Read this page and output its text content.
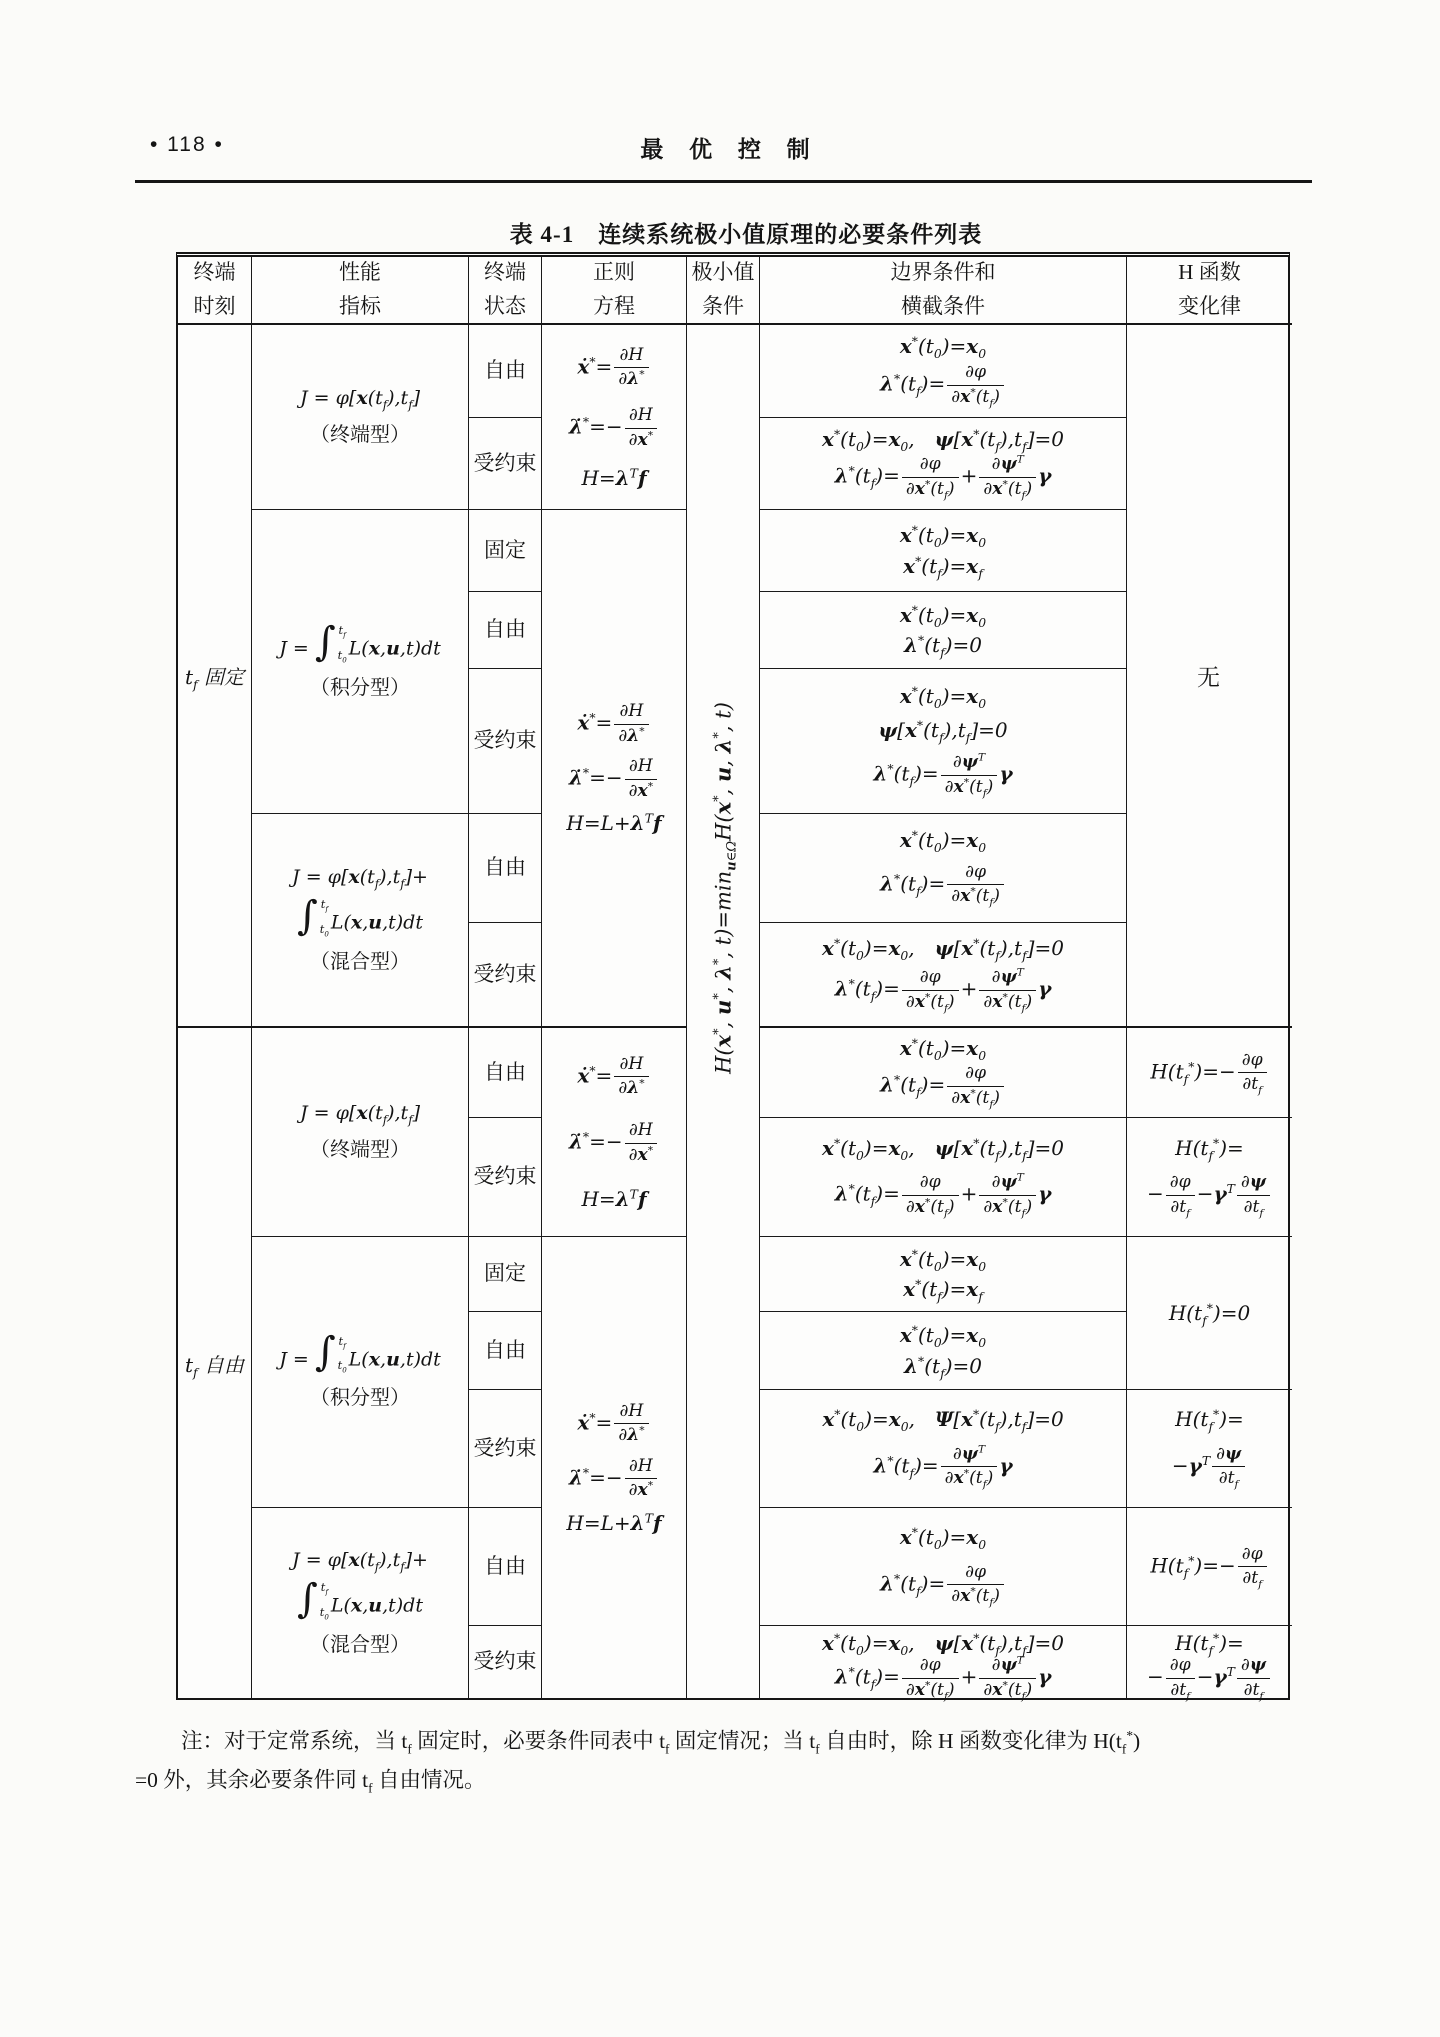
• 118 •	最 优 控 制
表 4-1　连续系统极小值原理的必要条件列表
终端
时刻
性能
指标
终端
状态
正则
方程
极小值
条件
边界条件和
横截条件
H 函数
变化律
$t_f$ 固定
$t_f$ 自由
$J = \varphi[x(t_f),t_f]$
（终端型）
J = ∫ $t_f$
$t_0$
L(x,u,t)dt
（积分型）
$J = \varphi[x(t_f),t_f]+$
∫ $t_f$
$t_0$
L(x,u,t)dt
（混合型）
$J = \varphi[x(t_f),t_f]$
（终端型）
J = ∫ $t_f$
$t_0$
L(x,u,t)dt
（积分型）
$J = \varphi[x(t_f),t_f]+$
∫ $t_f$
$t_0$
L(x,u,t)dt
（混合型）
自由
受约束
固定
自由
受约束
自由
受约束
自由
受约束
固定
自由
受约束
自由
受约束
ẋ*= $\frac{\partial H}{\partial\lambda^*}$
λ̇*=− $\frac{\partial H}{\partial x^*}$
$H=\lambda^Tf$
ẋ*= $\frac{\partial H}{\partial\lambda^*}$
λ̇*=− $\frac{\partial H}{\partial x^*}$
$H=L+\lambda^Tf$
ẋ*= $\frac{\partial H}{\partial\lambda^*}$
λ̇*=− $\frac{\partial H}{\partial x^*}$
$H=\lambda^Tf$
ẋ*= $\frac{\partial H}{\partial\lambda^*}$
λ̇*=− $\frac{\partial H}{\partial x^*}$
$H=L+\lambda^Tf$
H(x*, u*, λ*, $t)=\min_{u\in\Omega}H(x^*$, u, λ*, t)
$x^*(t_0)=x_0$
$\lambda^*(t_f)= \frac{\partial\varphi}{\partial x^*(t_f)}$
$x^*(t_0)=x_0$, $\psi[x^*(t_f),t_f]=0$
$\lambda^*(t_f)= \frac{\partial\varphi}{\partial x^*(t_f)} + \frac{\partial\psi^T}{\partial x^*(t_f)}$ γ
$x^*(t_0)=x_0$
$x^*(t_f)=x_f$
$x^*(t_0)=x_0$
$\lambda^*(t_f)=0$
$x^*(t_0)=x_0$
$\psi[x^*(t_f),t_f]=0$
$\lambda^*(t_f)= \frac{\partial\psi^T}{\partial x^*(t_f)}$ γ
$x^*(t_0)=x_0$
$\lambda^*(t_f)= \frac{\partial\varphi}{\partial x^*(t_f)}$
$x^*(t_0)=x_0$, $\psi[x^*(t_f),t_f]=0$
$\lambda^*(t_f)= \frac{\partial\varphi}{\partial x^*(t_f)} + \frac{\partial\psi^T}{\partial x^*(t_f)}$ γ
$x^*(t_0)=x_0$
$\lambda^*(t_f)= \frac{\partial\varphi}{\partial x^*(t_f)}$
$x^*(t_0)=x_0$, $\psi[x^*(t_f),t_f]=0$
$\lambda^*(t_f)= \frac{\partial\varphi}{\partial x^*(t_f)} + \frac{\partial\psi^T}{\partial x^*(t_f)}$ γ
$x^*(t_0)=x_0$
$x^*(t_f)=x_f$
$x^*(t_0)=x_0$
$\lambda^*(t_f)=0$
$x^*(t_0)=x_0$, $\Psi[x^*(t_f),t_f]=0$
$\lambda^*(t_f)= \frac{\partial\psi^T}{\partial x^*(t_f)}$ γ
$x^*(t_0)=x_0$
$\lambda^*(t_f)= \frac{\partial\varphi}{\partial x^*(t_f)}$
$x^*(t_0)=x_0$, $\psi[x^*(t_f),t_f]=0$
$\lambda^*(t_f)= \frac{\partial\varphi}{\partial x^*(t_f)} + \frac{\partial\psi^T}{\partial x^*(t_f)}$ γ
无
$H(t_f^*)=- \frac{\partial\varphi}{\partial t_f}$
$H(t_f^*)=$
− $\frac{\partial\varphi}{\partial t_f} -\gamma^T \frac{\partial\psi}{\partial t_f}$
$H(t_f^*)=0$
$H(t_f^*)=$
$-\gamma^T \frac{\partial\psi}{\partial t_f}$
$H(t_f^*)=- \frac{\partial\varphi}{\partial t_f}$
$H(t_f^*)=$
− $\frac{\partial\varphi}{\partial t_f} -\gamma^T \frac{\partial\psi}{\partial t_f}$
注：对于定常系统，当 $t_f$ 固定时，必要条件同表中 $t_f$ 固定情况；当 $t_f$ 自由时，除 H 函数变化律为 $H(t_f^*)$
=0 外，其余必要条件同 $t_f$ 自由情况。
